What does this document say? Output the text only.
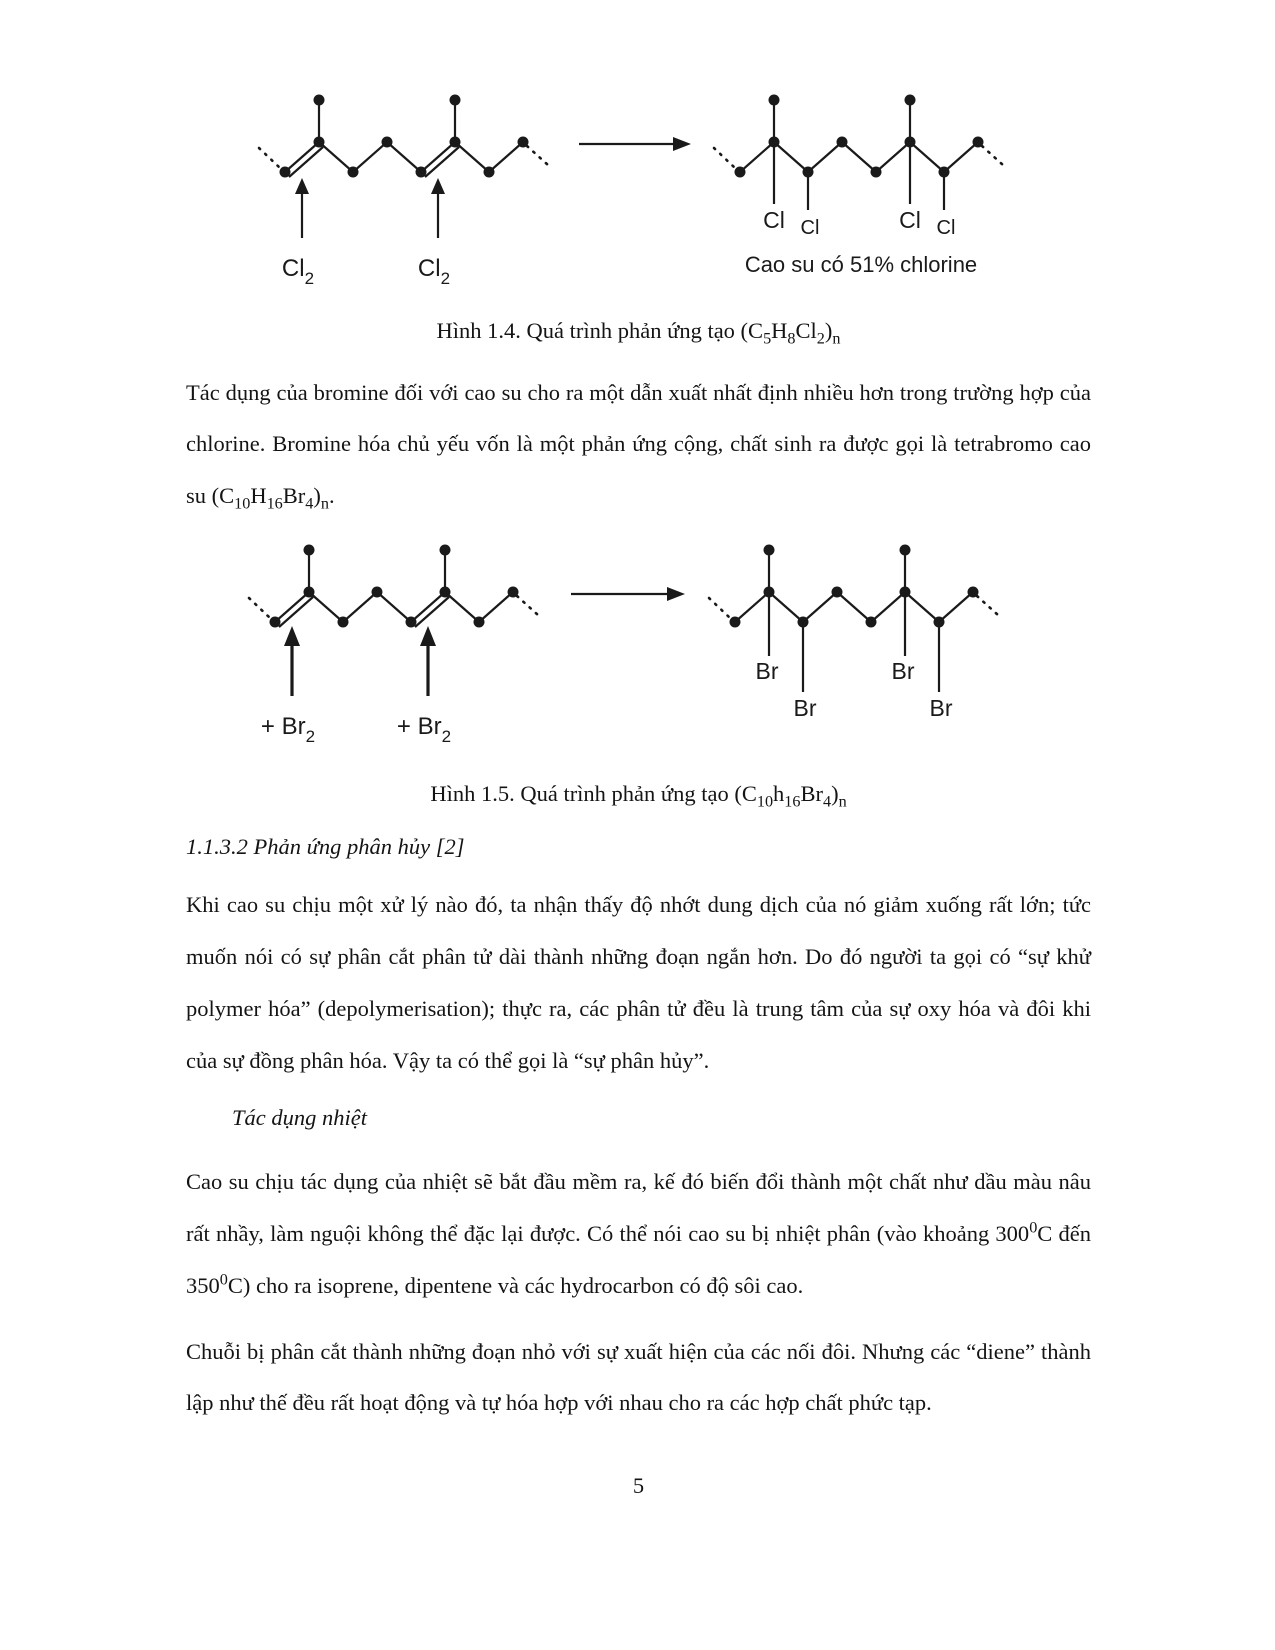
$Cl_2$	$Cl_2$
Cl Cl	Cl Cl
Cao su có 51% chlorine
Hình 1.4. Quá trình phản ứng tạo $(C_5H_8Cl_2)_n$

Tác dụng của bromine đối với cao su cho ra một dẫn xuất nhất định nhiều hơn trong trường hợp của chlorine. Bromine hóa chủ yếu vốn là một phản ứng cộng, chất sinh ra được gọi là tetrabromo cao su $(C_{10}H_{16}Br_4)_n$.

+ $Br_2$	+ $Br_2$
Br
Br
Br
Br
Hình 1.5. Quá trình phản ứng tạo $(C_{10}h_{16}Br_4)_n$
1.1.3.2 Phản ứng phân hủy [2]

Khi cao su chịu một xử lý nào đó, ta nhận thấy độ nhớt dung dịch của nó giảm xuống rất lớn; tức muốn nói có sự phân cắt phân tử dài thành những đoạn ngắn hơn. Do đó người ta gọi có “sự khử polymer hóa” (depolymerisation); thực ra, các phân tử đều là trung tâm của sự oxy hóa và đôi khi của sự đồng phân hóa. Vậy ta có thể gọi là “sự phân hủy”.

Tác dụng nhiệt

Cao su chịu tác dụng của nhiệt sẽ bắt đầu mềm ra, kế đó biến đổi thành một chất như dầu màu nâu rất nhầy, làm nguội không thể đặc lại được. Có thể nói cao su bị nhiệt phân (vào khoảng $300^0C$ đến $350^0C$) cho ra isoprene, dipentene và các hydrocarbon có độ sôi cao.

Chuỗi bị phân cắt thành những đoạn nhỏ với sự xuất hiện của các nối đôi. Nhưng các “diene” thành lập như thế đều rất hoạt động và tự hóa hợp với nhau cho ra các hợp chất phức tạp.

5
